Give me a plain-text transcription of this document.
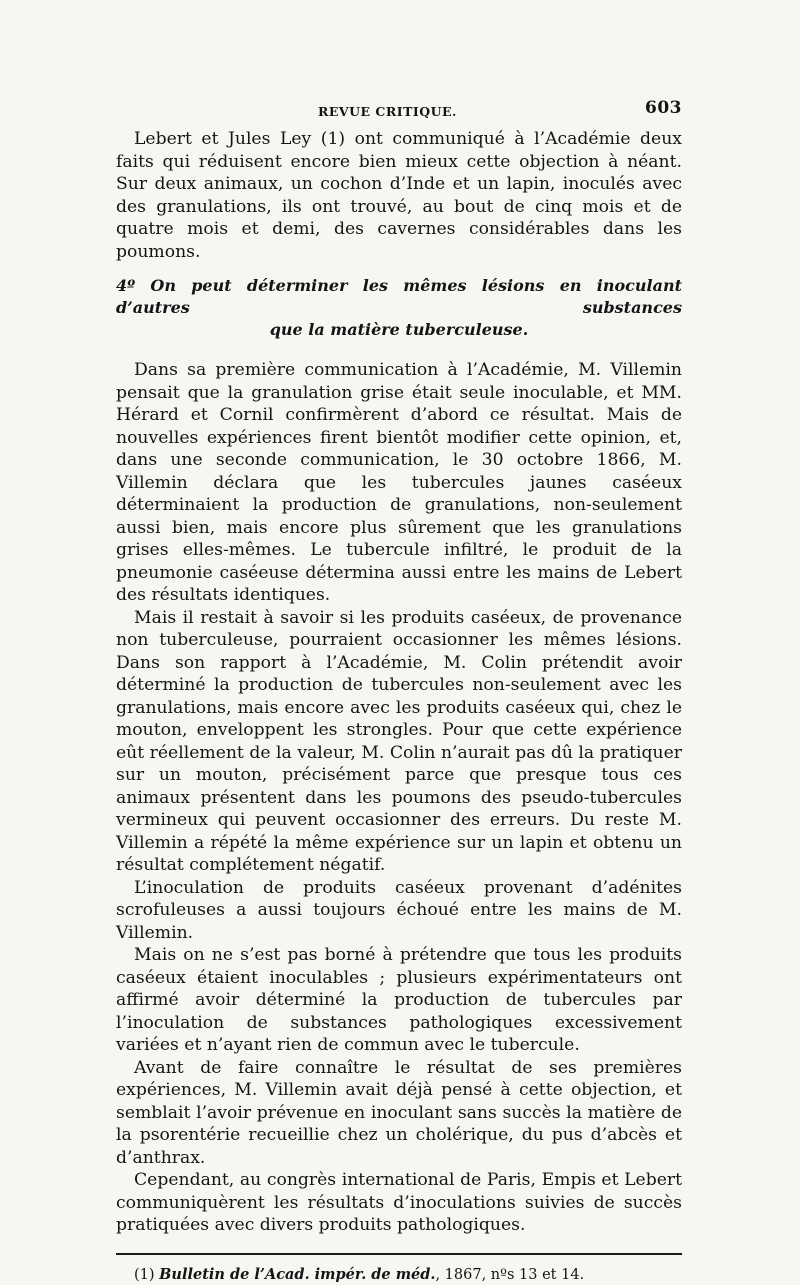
REVUE CRITIQUE.	603

Lebert et Jules Ley (1) ont communiqué à l’Académie deux faits qui réduisent encore bien mieux cette objection à néant. Sur deux animaux, un cochon d’Inde et un lapin, inoculés avec des granulations, ils ont trouvé, au bout de cinq mois et de quatre mois et demi, des cavernes considérables dans les poumons.

4º On peut déterminer les mêmes lésions en inoculant d’autres substances
que la matière tuberculeuse.

Dans sa première communication à l’Académie, M. Villemin pensait que la granulation grise était seule inoculable, et MM. Hérard et Cornil confirmèrent d’abord ce résultat. Mais de nouvelles expériences firent bientôt modifier cette opinion, et, dans une seconde communication, le 30 octobre 1866, M. Villemin déclara que les tubercules jaunes caséeux déterminaient la production de granulations, non-seulement aussi bien, mais encore plus sûrement que les granulations grises elles-mêmes. Le tubercule infiltré, le produit de la pneumonie caséeuse détermina aussi entre les mains de Lebert des résultats identiques.

Mais il restait à savoir si les produits caséeux, de provenance non tuberculeuse, pourraient occasionner les mêmes lésions. Dans son rapport à l’Académie, M. Colin prétendit avoir déterminé la production de tubercules non-seulement avec les granulations, mais encore avec les produits caséeux qui, chez le mouton, enveloppent les strongles. Pour que cette expérience eût réellement de la valeur, M. Colin n’aurait pas dû la pratiquer sur un mouton, précisément parce que presque tous ces animaux présentent dans les poumons des pseudo-tubercules vermineux qui peuvent occasionner des erreurs. Du reste M. Villemin a répété la même expérience sur un lapin et obtenu un résultat complétement négatif.

L’inoculation de produits caséeux provenant d’adénites scrofuleuses a aussi toujours échoué entre les mains de M. Villemin.

Mais on ne s’est pas borné à prétendre que tous les produits caséeux étaient inoculables ; plusieurs expérimentateurs ont affirmé avoir déterminé la production de tubercules par l’inoculation de substances pathologiques excessivement variées et n’ayant rien de commun avec le tubercule.

Avant de faire connaître le résultat de ses premières expériences, M. Villemin avait déjà pensé à cette objection, et semblait l’avoir prévenue en inoculant sans succès la matière de la psorentérie recueillie chez un cholérique, du pus d’abcès et d’anthrax.

Cependant, au congrès international de Paris, Empis et Lebert communiquèrent les résultats d’inoculations suivies de succès pratiquées avec divers produits pathologiques.

(1) Bulletin de l’Acad. impér. de méd., 1867, nºs 13 et 14.
